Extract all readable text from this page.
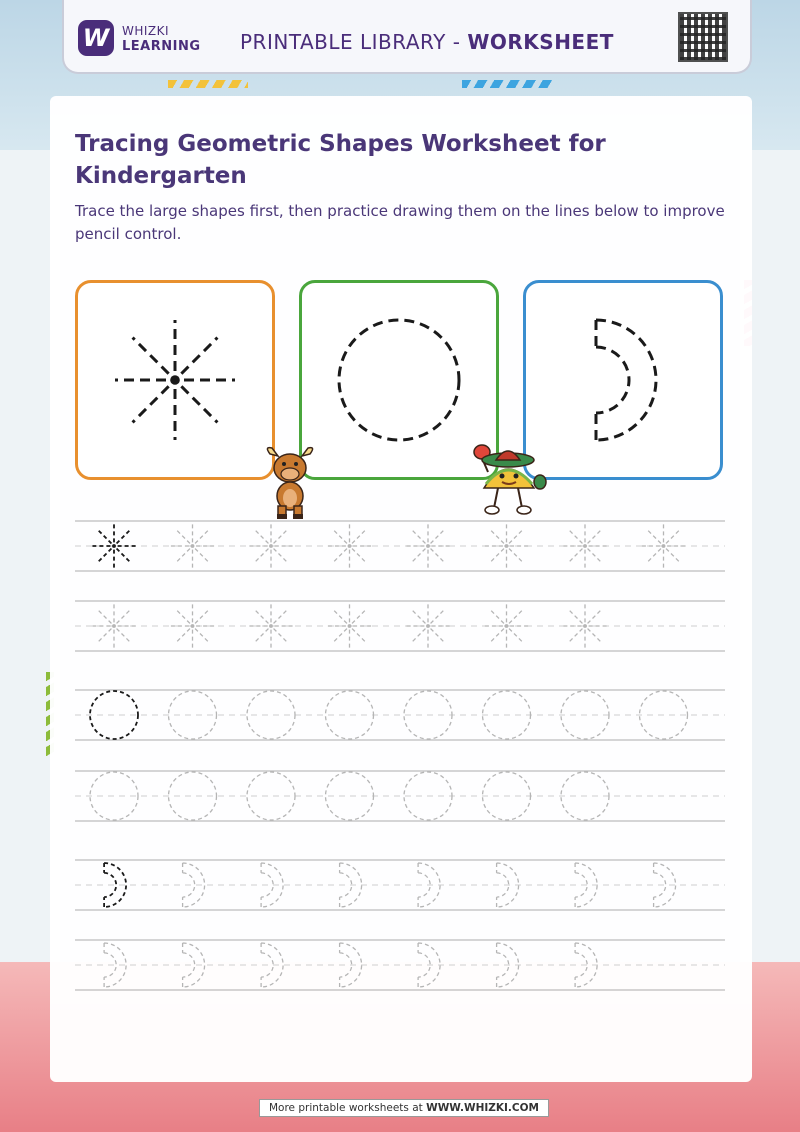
W	WHIZKI
LEARNING PRINTABLE LIBRARY - WORKSHEET
Tracing Geometric Shapes Worksheet for Kindergarten
Trace the large shapes first, then practice drawing them on the lines below to improve pencil control.
More printable worksheets at WWW.WHIZKI.COM
